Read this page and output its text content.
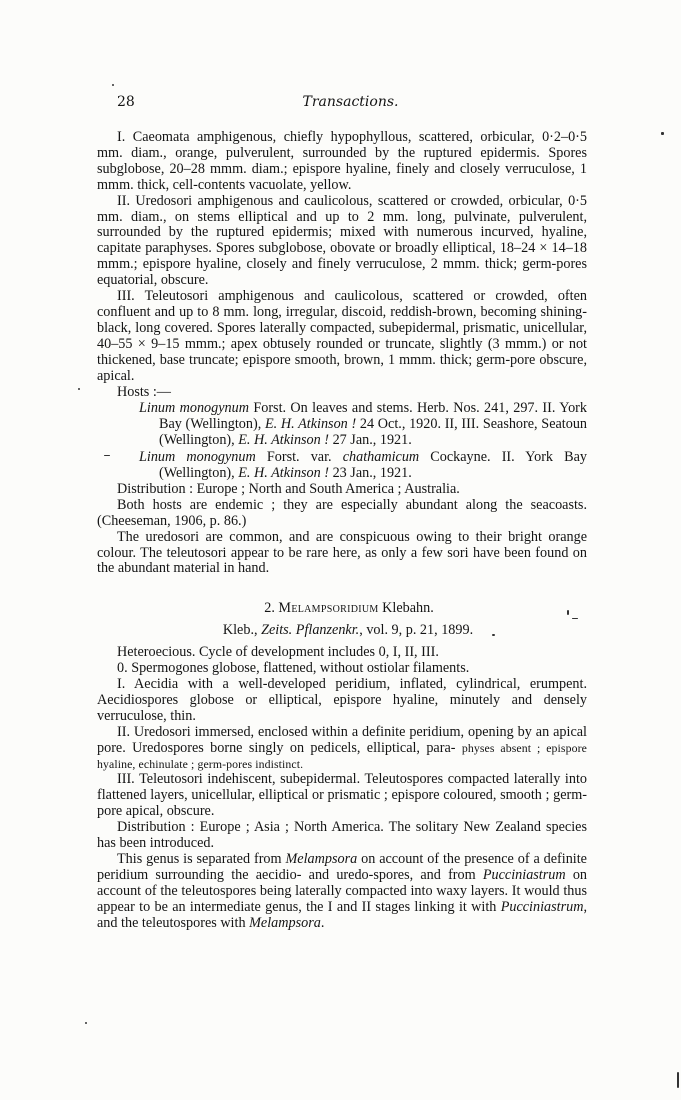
28	Transactions.

I. Caeomata amphigenous, chiefly hypophyllous, scattered, orbicular, 0·2–0·5 mm. diam., orange, pulverulent, surrounded by the ruptured epidermis. Spores subglobose, 20–28 mmm. diam.; epispore hyaline, finely and closely verruculose, 1 mmm. thick, cell-contents vacuolate, yellow.

II. Uredosori amphigenous and caulicolous, scattered or crowded, orbicular, 0·5 mm. diam., on stems elliptical and up to 2 mm. long, pulvinate, pulverulent, surrounded by the ruptured epidermis; mixed with numerous incurved, hyaline, capitate paraphyses. Spores subglobose, obovate or broadly elliptical, 18–24 × 14–18 mmm.; epispore hyaline, closely and finely verruculose, 2 mmm. thick; germ-pores equatorial, obscure.

III. Teleutosori amphigenous and caulicolous, scattered or crowded, often confluent and up to 8 mm. long, irregular, discoid, reddish-brown, becoming shining-black, long covered. Spores laterally compacted, subepidermal, prismatic, unicellular, 40–55 × 9–15 mmm.; apex obtusely rounded or truncate, slightly (3 mmm.) or not thickened, base truncate; epispore smooth, brown, 1 mmm. thick; germ-pore obscure, apical.

Hosts :—

Linum monogynum Forst. On leaves and stems. Herb. Nos. 241, 297. II. York Bay (Wellington), E. H. Atkinson ! 24 Oct., 1920. II, III. Seashore, Seatoun (Wellington), E. H. Atkinson ! 27 Jan., 1921.

Linum monogynum Forst. var. chathamicum Cockayne. II. York Bay (Wellington), E. H. Atkinson ! 23 Jan., 1921.

Distribution : Europe ; North and South America ; Australia.

Both hosts are endemic ; they are especially abundant along the seacoasts. (Cheeseman, 1906, p. 86.)

The uredosori are common, and are conspicuous owing to their bright orange colour. The teleutosori appear to be rare here, as only a few sori have been found on the abundant material in hand.

2. Melampsoridium Klebahn.

Kleb., Zeits. Pflanzenkr., vol. 9, p. 21, 1899.

Heteroecious. Cycle of development includes 0, I, II, III.

0. Spermogones globose, flattened, without ostiolar filaments.

I. Aecidia with a well-developed peridium, inflated, cylindrical, erumpent. Aecidiospores globose or elliptical, epispore hyaline, minutely and densely verruculose, thin.

II. Uredosori immersed, enclosed within a definite peridium, opening by an apical pore. Uredospores borne singly on pedicels, elliptical, para- physes absent ; epispore hyaline, echinulate ; germ-pores indistinct.

III. Teleutosori indehiscent, subepidermal. Teleutospores compacted laterally into flattened layers, unicellular, elliptical or prismatic ; epispore coloured, smooth ; germ-pore apical, obscure.

Distribution : Europe ; Asia ; North America. The solitary New Zealand species has been introduced.

This genus is separated from Melampsora on account of the presence of a definite peridium surrounding the aecidio- and uredo-spores, and from Pucciniastrum on account of the teleutospores being laterally compacted into waxy layers. It would thus appear to be an intermediate genus, the I and II stages linking it with Pucciniastrum, and the teleutospores with Melampsora.
